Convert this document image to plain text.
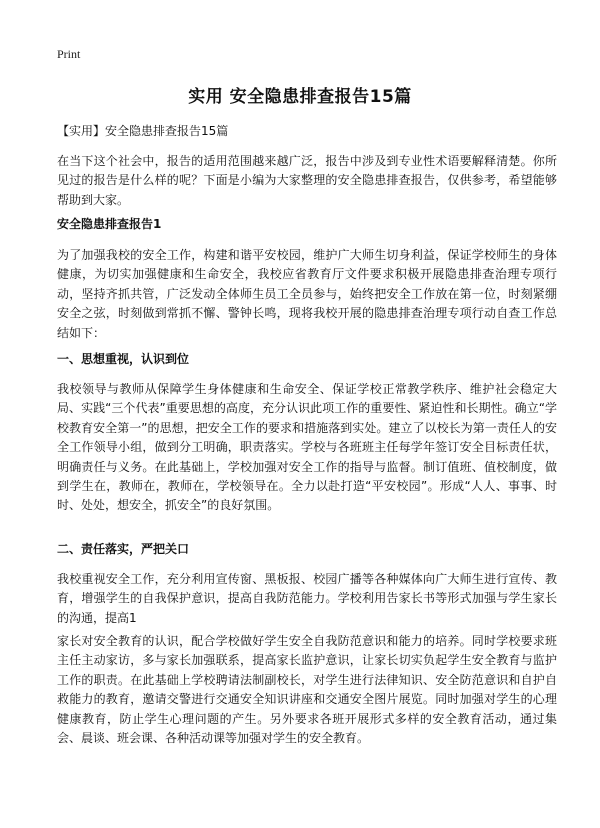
Print
实用 安全隐患排查报告15篇
【实用】安全隐患排查报告15篇

在当下这个社会中，报告的适用范围越来越广泛，报告中涉及到专业性术语要解释清楚。你所见过的报告是什么样的呢？下面是小编为大家整理的安全隐患排查报告，仅供参考，希望能够帮助到大家。

安全隐患排查报告1

为了加强我校的安全工作，构建和谐平安校园，维护广大师生切身利益，保证学校师生的身体健康，为切实加强健康和生命安全，我校应省教育厅文件要求积极开展隐患排查治理专项行动，坚持齐抓共管，广泛发动全体师生员工全员参与，始终把安全工作放在第一位，时刻紧绷安全之弦，时刻做到常抓不懈、警钟长鸣，现将我校开展的隐患排查治理专项行动自查工作总结如下：

一、思想重视，认识到位

我校领导与教师从保障学生身体健康和生命安全、保证学校正常教学秩序、维护社会稳定大局、实践“三个代表”重要思想的高度，充分认识此项工作的重要性、紧迫性和长期性。确立“学校教育安全第一”的思想，把安全工作的要求和措施落到实处。建立了以校长为第一责任人的安全工作领导小组，做到分工明确，职责落实。学校与各班班主任每学年签订安全目标责任状，明确责任与义务。在此基础上，学校加强对安全工作的指导与监督。制订值班、值校制度，做到学生在，教师在，教师在，学校领导在。全力以赴打造“平安校园”。形成“人人、事事、时时、处处，想安全，抓安全”的良好氛围。

二、责任落实，严把关口

我校重视安全工作，充分利用宣传窗、黑板报、校园广播等各种媒体向广大师生进行宣传、教育，增强学生的自我保护意识，提高自我防范能力。学校利用告家长书等形式加强与学生家长的沟通，提高1

家长对安全教育的认识，配合学校做好学生安全自我防范意识和能力的培养。同时学校要求班主任主动家访，多与家长加强联系，提高家长监护意识，让家长切实负起学生安全教育与监护工作的职责。在此基础上学校聘请法制副校长，对学生进行法律知识、安全防范意识和自护自救能力的教育，邀请交警进行交通安全知识讲座和交通安全图片展览。同时加强对学生的心理健康教育，防止学生心理问题的产生。另外要求各班开展形式多样的安全教育活动，通过集会、晨谈、班会课、各种活动课等加强对学生的安全教育。
